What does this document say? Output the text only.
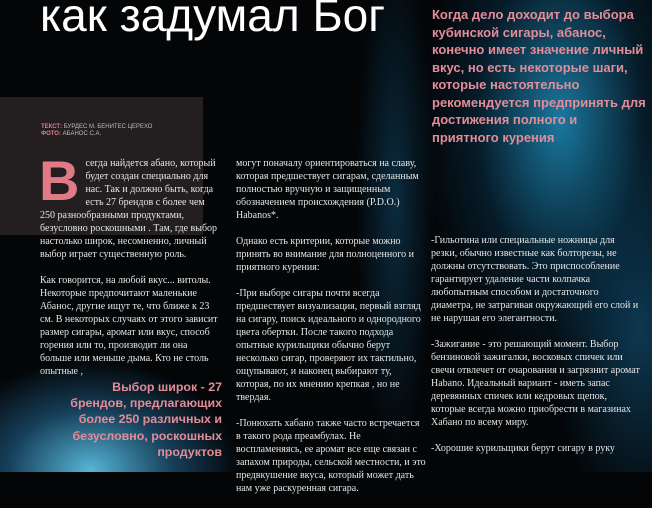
как задумал Бог
ТЕКСТ: БУРДЕС М. БЕНИТЕС ЦЕРЕХО
ФОТО: АБАНОС С.А.
Когда дело доходит до выбора кубинской сигары, абанос, конечно имеет значение личный вкус, но есть некоторые шаги, которые настоятельно рекомендуется предпринять для достижения полного и приятного курения

Всегда найдется абано, который будет создан специально для нас. Так и должно быть, когда есть 27 брендов с более чем 250 разнообразными продуктами, безусловно роскошными . Там, где выбор настолько широк, несомненно, личный выбор играет существенную роль.

Как говорится, на любой вкус... витолы. Некоторые предпочитают маленькие Абанос, другие ищут те, что ближе к 23 см. В некоторых случаях от этого зависит размер сигары, аромат или вкус, способ горения или то, производит ли она больше или меньше дыма. Кто не столь опытные ,

Выбор широк - 27 брендов, предлагающих более 250 различных и безусловно, роскошных продуктов

могут поначалу ориентироваться на славу, которая предшествует сигарам, сделанным полностью вручную и защищенным обозначением происхождения (P.D.O.) Habanos*.

Однако есть критерии, которые можно принять во внимание для полноценного и приятного курения:

-При выборе сигары почти всегда предшествует визуализация, первый взгляд на сигару, поиск идеального и однородного цвета обертки. После такого подхода опытные курильщики обычно берут несколько сигар, проверяют их тактильно, ощупывают, и наконец выбирают ту, которая, по их мнению крепкая , но не твердая.

-Понюхать хабано также часто встречается в такого рода преамбулах. Не воспламеняясь, ее аромат все еще связан с запахом природы, сельской местности, и это предвкушение вкуса, который может дать нам уже раскуренная сигара.

-Гильотина или специальные ножницы для резки, обычно известные как болторезы, не должны отсутствовать. Это приспособление гарантирует удаление части колпачка любопытным способом и достаточного диаметра, не затрагивая окружающий его слой и не нарушая его элегантности.

-Зажигание - это решающий момент. Выбор бензиновой зажигалки, восковых спичек или свечи отвлечет от очарования и загрязнит аромат Habano. Идеальный вариант - иметь запас деревянных спичек или кедровых щепок, которые всегда можно приобрести в магазинах Хабано по всему миру.

-Хорошие курильщики берут сигару в руку
